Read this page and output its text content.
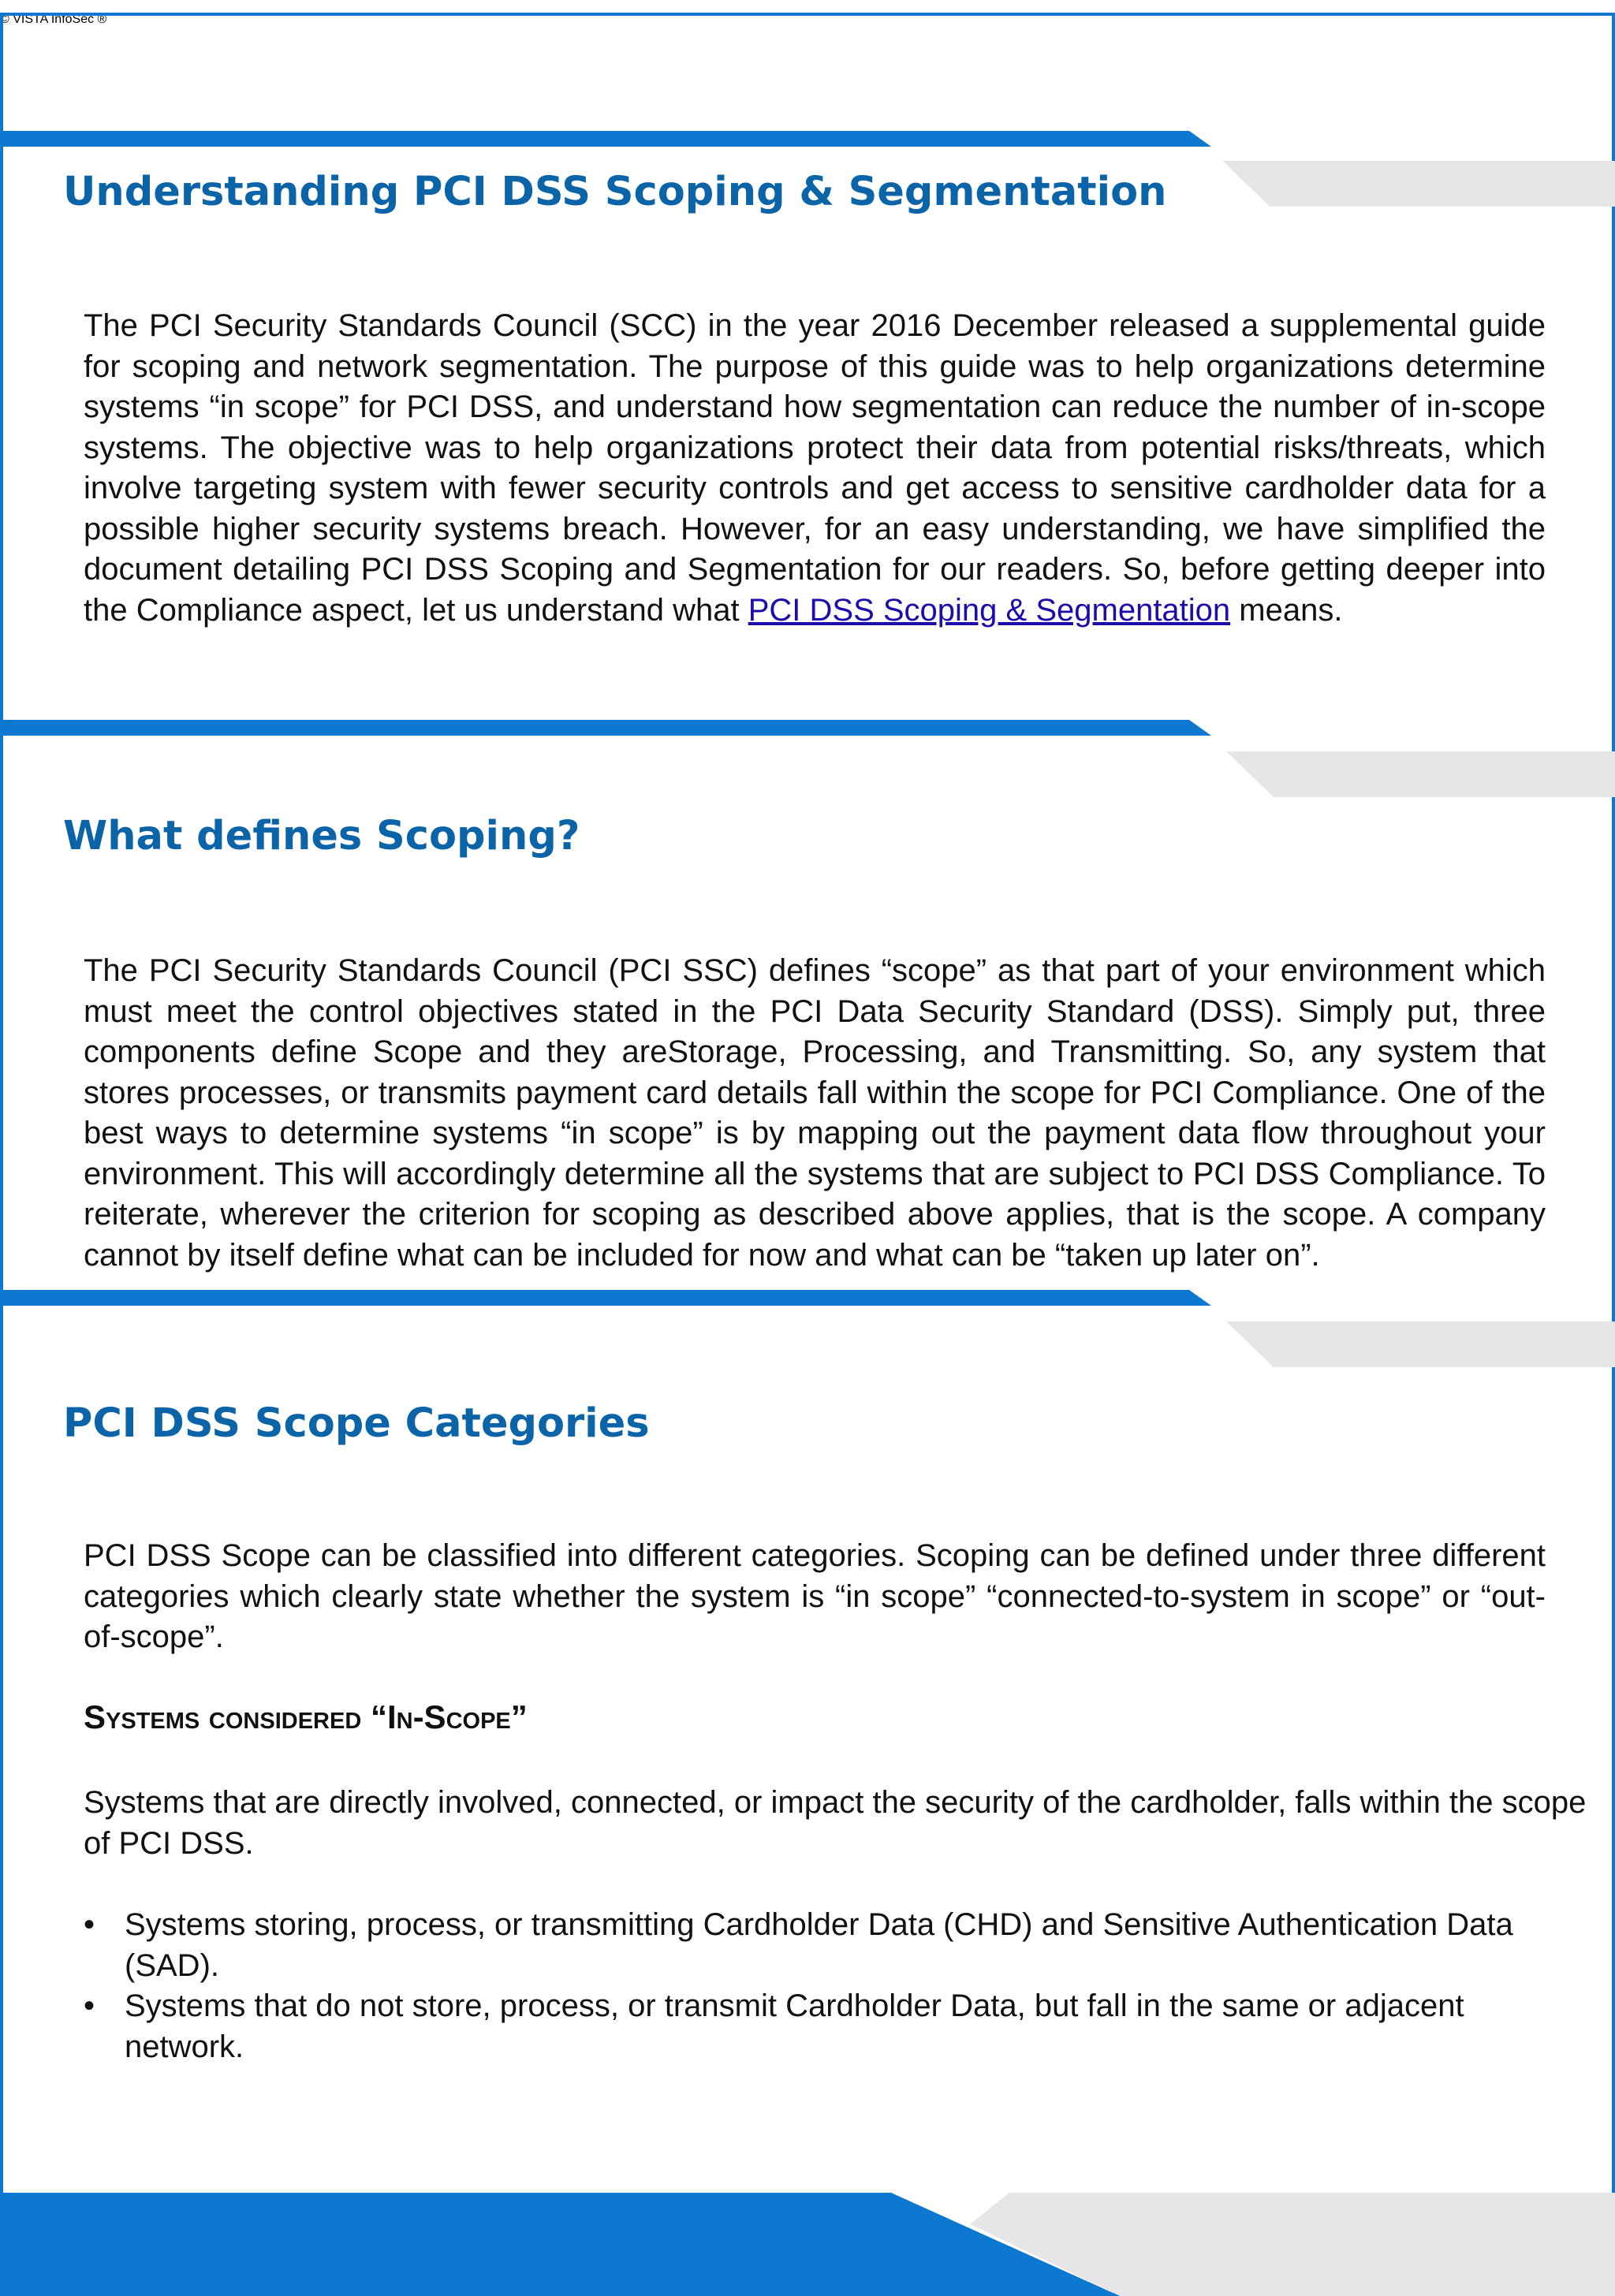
Understanding PCI DSS Scoping & Segmentation

The PCI Security Standards Council (SCC) in the year 2016 December released a supplemental guide for scoping and network segmentation. The purpose of this guide was to help organizations determine systems “in scope” for PCI DSS, and understand how segmentation can reduce the number of in-scope systems. The objective was to help organizations protect their data from potential risks/threats, which involve targeting system with fewer security controls and get access to sensitive cardholder data for a possible higher security systems breach. However, for an easy understanding, we have simplified the document detailing PCI DSS Scoping and Segmentation for our readers. So, before getting deeper into the Compliance aspect, let us understand what PCI DSS Scoping & Segmentation means.

What defines Scoping?

The PCI Security Standards Council (PCI SSC) defines “scope” as that part of your environment which must meet the control objectives stated in the PCI Data Security Standard (DSS). Simply put, three components define Scope and they areStorage, Processing, and Transmitting. So, any system that stores processes, or transmits payment card details fall within the scope for PCI Compliance. One of the best ways to determine systems “in scope” is by mapping out the payment data flow throughout your environment. This will accordingly determine all the systems that are subject to PCI DSS Compliance. To reiterate, wherever the criterion for scoping as described above applies, that is the scope. A company cannot by itself define what can be included for now and what can be “taken up later on”.

PCI DSS Scope Categories

PCI DSS Scope can be classified into different categories. Scoping can be defined under three different categories which clearly state whether the system is “in scope” “connected-to-system in scope” or “out- of-scope”.

Systems considered “In-Scope”

Systems that are directly involved, connected, or impact the security of the cardholder, falls within the scope of PCI DSS.

• Systems storing, process, or transmitting Cardholder Data (CHD) and Sensitive Authentication Data (SAD).
• Systems that do not store, process, or transmit Cardholder Data, but fall in the same or adjacent network.

© VISTA InfoSec ®
